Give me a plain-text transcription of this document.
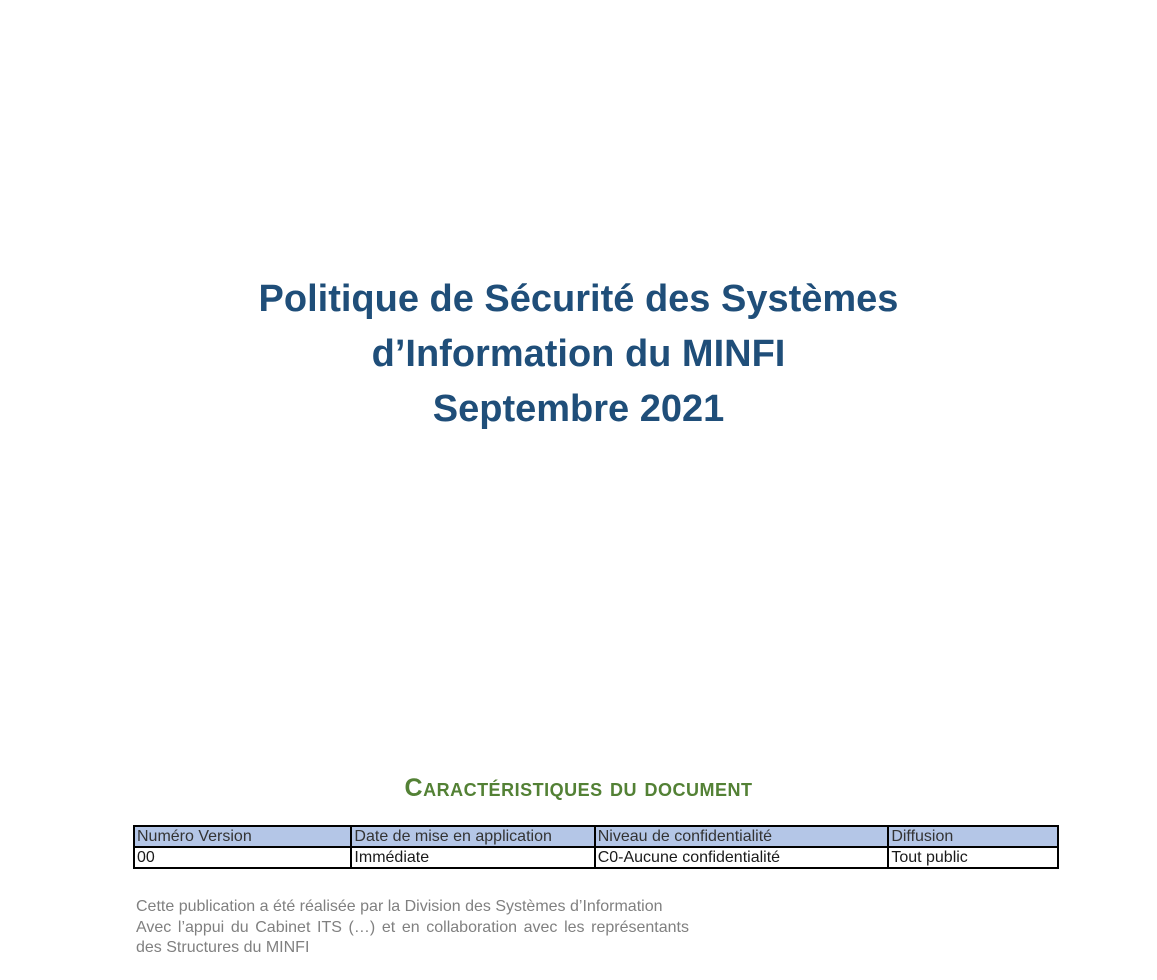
Politique de Sécurité des Systèmes
d’Information du MINFI
Septembre 2021
Caractéristiques du document
Numéro Version	Date de mise en application	Niveau de confidentialité	Diffusion
00	Immédiate	C0-Aucune confidentialité	Tout public

Cette publication a été réalisée par la Division des Systèmes d’Information

Avec l’appui du Cabinet ITS (…) et en collaboration avec les représentants des Structures du MINFI
